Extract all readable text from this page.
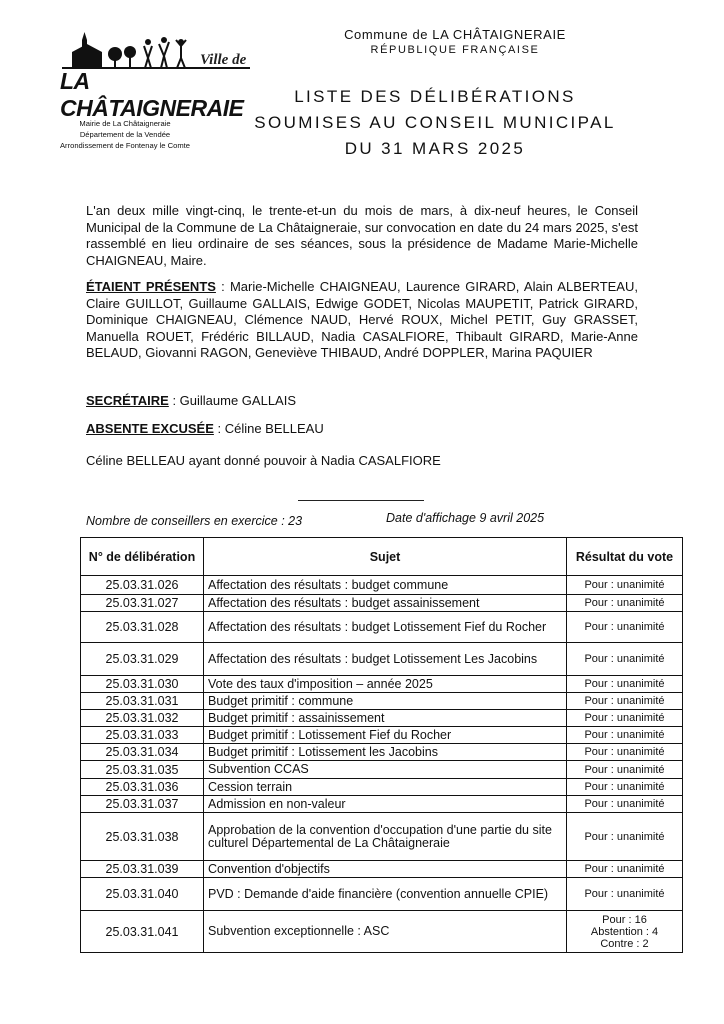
Ville de
LA CHÂTAIGNERAIE
Mairie de La Châtaigneraie
Département de la Vendée
Arrondissement de Fontenay le Comte
Commune de LA CHÂTAIGNERAIE
RÉPUBLIQUE FRANÇAISE
LISTE DES DÉLIBÉRATIONS
SOUMISES AU CONSEIL MUNICIPAL
DU 31 MARS 2025
L'an deux mille vingt-cinq, le trente-et-un du mois de mars, à dix-neuf heures, le Conseil Municipal de la Commune de La Châtaigneraie, sur convocation en date du 24 mars 2025, s'est rassemblé en lieu ordinaire de ses séances, sous la présidence de Madame Marie-Michelle CHAIGNEAU, Maire.
ÉTAIENT PRÉSENTS : Marie-Michelle CHAIGNEAU, Laurence GIRARD, Alain ALBERTEAU, Claire GUILLOT, Guillaume GALLAIS, Edwige GODET, Nicolas MAUPETIT, Patrick GIRARD, Dominique CHAIGNEAU, Clémence NAUD, Hervé ROUX, Michel PETIT, Guy GRASSET, Manuella ROUET, Frédéric BILLAUD, Nadia CASALFIORE, Thibault GIRARD, Marie-Anne BELAUD, Giovanni RAGON, Geneviève THIBAUD, André DOPPLER, Marina PAQUIER
SECRÉTAIRE : Guillaume GALLAIS
ABSENTE EXCUSÉE : Céline BELLEAU
Céline BELLEAU ayant donné pouvoir à Nadia CASALFIORE
Nombre de conseillers en exercice : 23	Date d'affichage 9 avril 2025
N° de délibération	Sujet	Résultat du vote
25.03.31.026	Affectation des résultats : budget commune	Pour : unanimité
25.03.31.027	Affectation des résultats : budget assainissement	Pour : unanimité
25.03.31.028	Affectation des résultats : budget Lotissement Fief du Rocher	Pour : unanimité
25.03.31.029	Affectation des résultats : budget Lotissement Les Jacobins	Pour : unanimité
25.03.31.030	Vote des taux d'imposition – année 2025	Pour : unanimité
25.03.31.031	Budget primitif : commune	Pour : unanimité
25.03.31.032	Budget primitif : assainissement	Pour : unanimité
25.03.31.033	Budget primitif : Lotissement Fief du Rocher	Pour : unanimité
25.03.31.034	Budget primitif : Lotissement les Jacobins	Pour : unanimité
25.03.31.035	Subvention CCAS	Pour : unanimité
25.03.31.036	Cession terrain	Pour : unanimité
25.03.31.037	Admission en non-valeur	Pour : unanimité
25.03.31.038	Approbation de la convention d'occupation d'une partie du site culturel Départemental de La Châtaigneraie	Pour : unanimité
25.03.31.039	Convention d'objectifs	Pour : unanimité
25.03.31.040	PVD : Demande d'aide financière (convention annuelle CPIE)	Pour : unanimité
25.03.31.041	Subvention exceptionnelle : ASC	Pour : 16
Abstention : 4
Contre : 2
